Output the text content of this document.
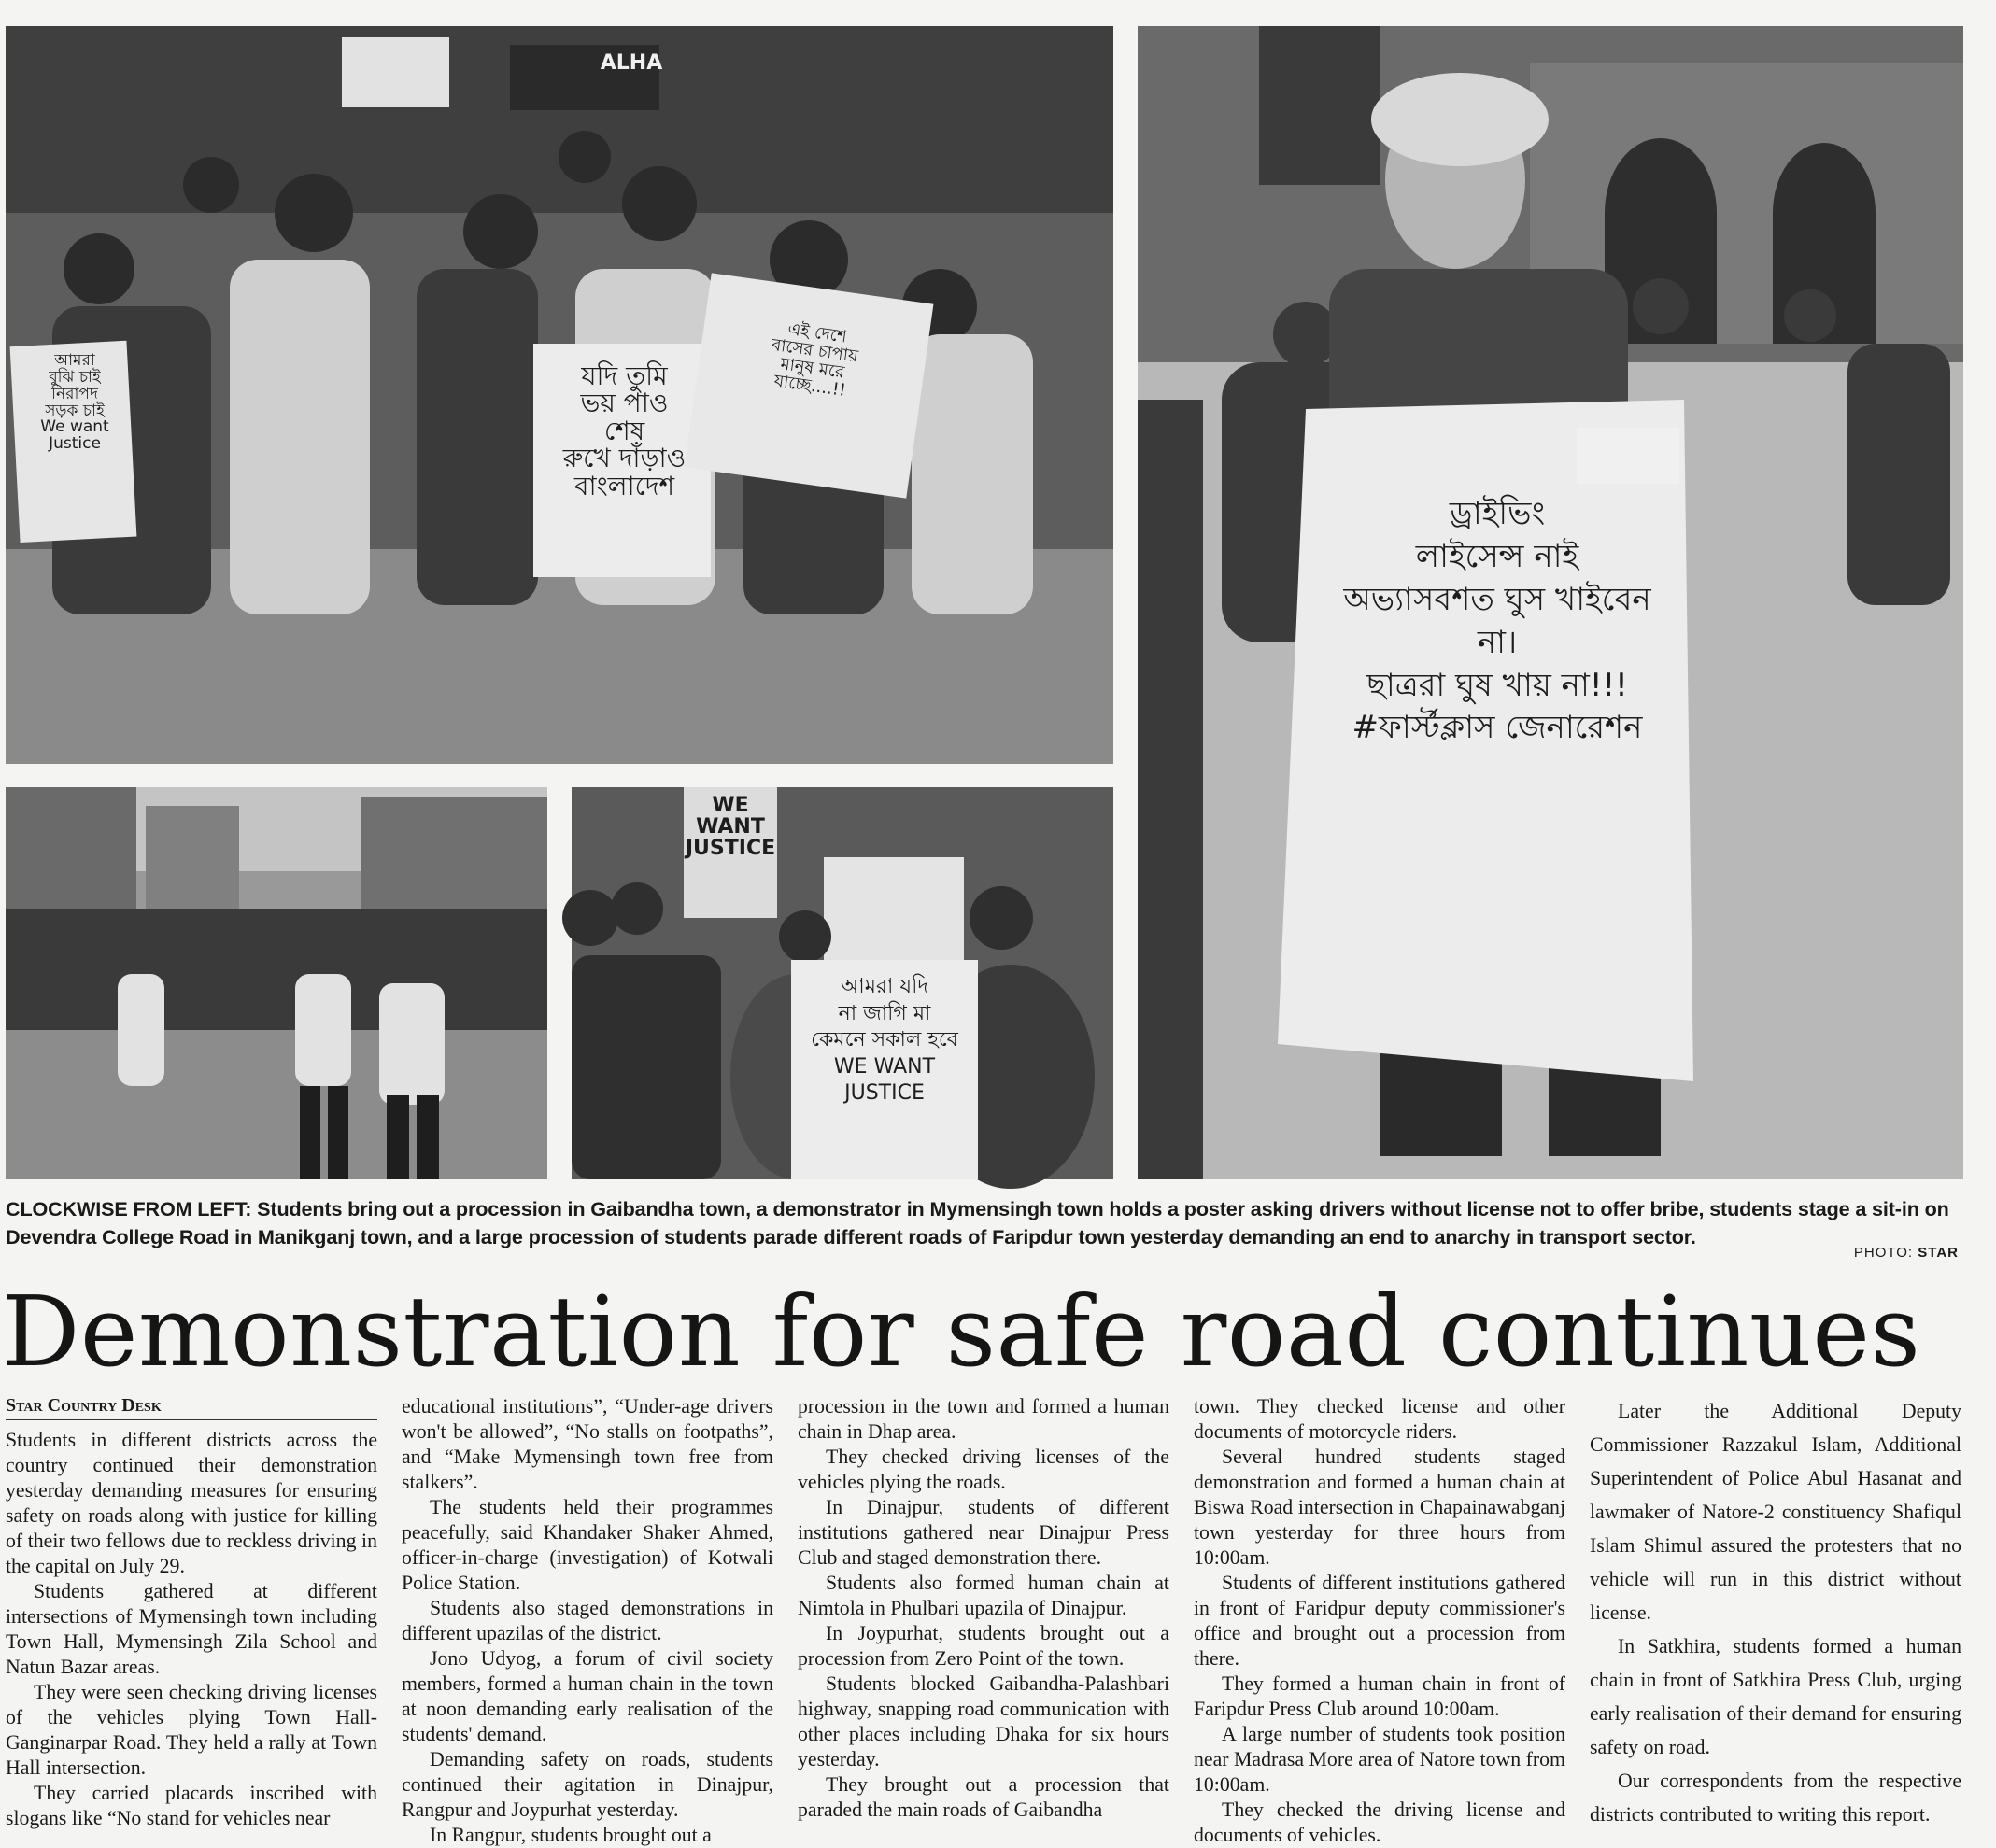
আমরা
বুঝি চাই
নিরাপদ
সড়ক চাই
We want
Justice
যদি তুমি
ভয় পাও
শেষ
রুখে দাঁড়াও
বাংলাদেশ
এই দেশে
বাসের চাপায়
মানুষ মরে
যাচ্ছে....!!
ALHA
ড্রাইভিং
লাইসেন্স নাই
অভ্যাসবশত ঘুস খাইবেন
না।
ছাত্ররা ঘুষ খায় না!!!
#ফার্স্টক্লাস জেনারেশন
WE
WANT
JUSTICE
আমরা যদি
না জাগি মা
কেমনে সকাল হবে
WE WANT
JUSTICE
CLOCKWISE FROM LEFT: Students bring out a procession in Gaibandha town, a demonstrator in Mymensingh town holds a poster asking drivers without license not to offer bribe, students stage a sit-in on Devendra College Road in Manikganj town, and a large procession of students parade different roads of Faripdur town yesterday demanding an end to anarchy in transport sector.
PHOTO: STAR
Demonstration for safe road continues
Star Country Desk

Students in different districts across the country continued their demonstration yesterday demanding measures for ensuring safety on roads along with justice for killing of their two fellows due to reckless driving in the capital on July 29.

Students gathered at different intersections of Mymensingh town including Town Hall, Mymensingh Zila School and Natun Bazar areas.

They were seen checking driving licenses of the vehicles plying Town Hall-Ganginarpar Road. They held a rally at Town Hall intersection.

They carried placards inscribed with slogans like “No stand for vehicles near

educational institutions”, “Under-age drivers won't be allowed”, “No stalls on footpaths”, and “Make Mymensingh town free from stalkers”.

The students held their programmes peacefully, said Khandaker Shaker Ahmed, officer-in-charge (investigation) of Kotwali Police Station.

Students also staged demonstrations in different upazilas of the district.

Jono Udyog, a forum of civil society members, formed a human chain in the town at noon demanding early realisation of the students' demand.

Demanding safety on roads, students continued their agitation in Dinajpur, Rangpur and Joypurhat yesterday.

In Rangpur, students brought out a

procession in the town and formed a human chain in Dhap area.

They checked driving licenses of the vehicles plying the roads.

In Dinajpur, students of different institutions gathered near Dinajpur Press Club and staged demonstration there.

Students also formed human chain at Nimtola in Phulbari upazila of Dinajpur.

In Joypurhat, students brought out a procession from Zero Point of the town.

Students blocked Gaibandha-Palashbari highway, snapping road communication with other places including Dhaka for six hours yesterday.

They brought out a procession that paraded the main roads of Gaibandha

town. They checked license and other documents of motorcycle riders.

Several hundred students staged demonstration and formed a human chain at Biswa Road intersection in Chapainawabganj town yesterday for three hours from 10:00am.

Students of different institutions gathered in front of Faridpur deputy commissioner's office and brought out a procession from there.

They formed a human chain in front of Faripdur Press Club around 10:00am.

A large number of students took position near Madrasa More area of Natore town from 10:00am.

They checked the driving license and documents of vehicles.

Later the Additional Deputy Commissioner Razzakul Islam, Additional Superintendent of Police Abul Hasanat and lawmaker of Natore-2 constituency Shafiqul Islam Shimul assured the protesters that no vehicle will run in this district without license.

In Satkhira, students formed a human chain in front of Satkhira Press Club, urging early realisation of their demand for ensuring safety on road.

Our correspondents from the respective districts contributed to writing this report.
